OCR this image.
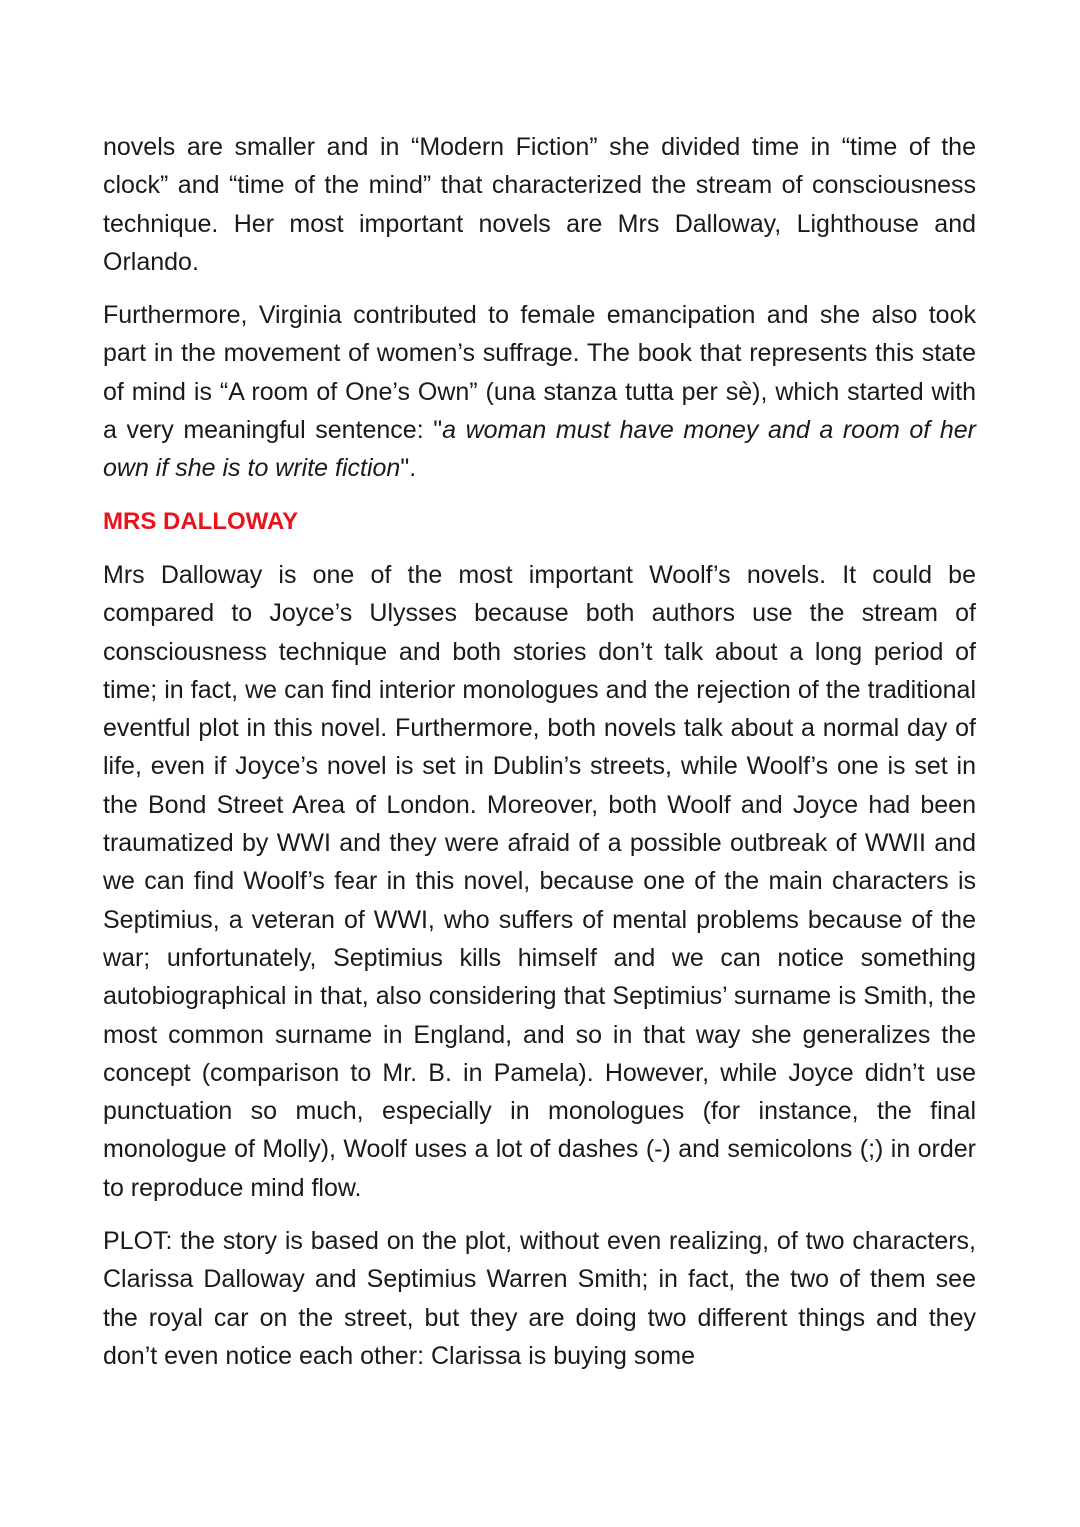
novels are smaller and in “Modern Fiction” she divided time in “time of the clock” and “time of the mind” that characterized the stream of consciousness technique. Her most important novels are Mrs Dalloway, Lighthouse and Orlando.

Furthermore, Virginia contributed to female emancipation and she also took part in the movement of women’s suffrage. The book that represents this state of mind is “A room of One’s Own” (una stanza tutta per sè), which started with a very meaningful sentence: "a woman must have money and a room of her own if she is to write fiction".

MRS DALLOWAY

Mrs Dalloway is one of the most important Woolf’s novels. It could be compared to Joyce’s Ulysses because both authors use the stream of consciousness technique and both stories don’t talk about a long period of time; in fact, we can find interior monologues and the rejection of the traditional eventful plot in this novel. Furthermore, both novels talk about a normal day of life, even if Joyce’s novel is set in Dublin’s streets, while Woolf’s one is set in the Bond Street Area of London. Moreover, both Woolf and Joyce had been traumatized by WWI and they were afraid of a possible outbreak of WWII and we can find Woolf’s fear in this novel, because one of the main characters is Septimius, a veteran of WWI, who suffers of mental problems because of the war; unfortunately, Septimius kills himself and we can notice something autobiographical in that, also considering that Septimius’ surname is Smith, the most common surname in England, and so in that way she generalizes the concept (comparison to Mr. B. in Pamela). However, while Joyce didn’t use punctuation so much, especially in monologues (for instance, the final monologue of Molly), Woolf uses a lot of dashes (-) and semicolons (;) in order to reproduce mind flow.

PLOT: the story is based on the plot, without even realizing, of two characters, Clarissa Dalloway and Septimius Warren Smith; in fact, the two of them see the royal car on the street, but they are doing two different things and they don’t even notice each other: Clarissa is buying some
